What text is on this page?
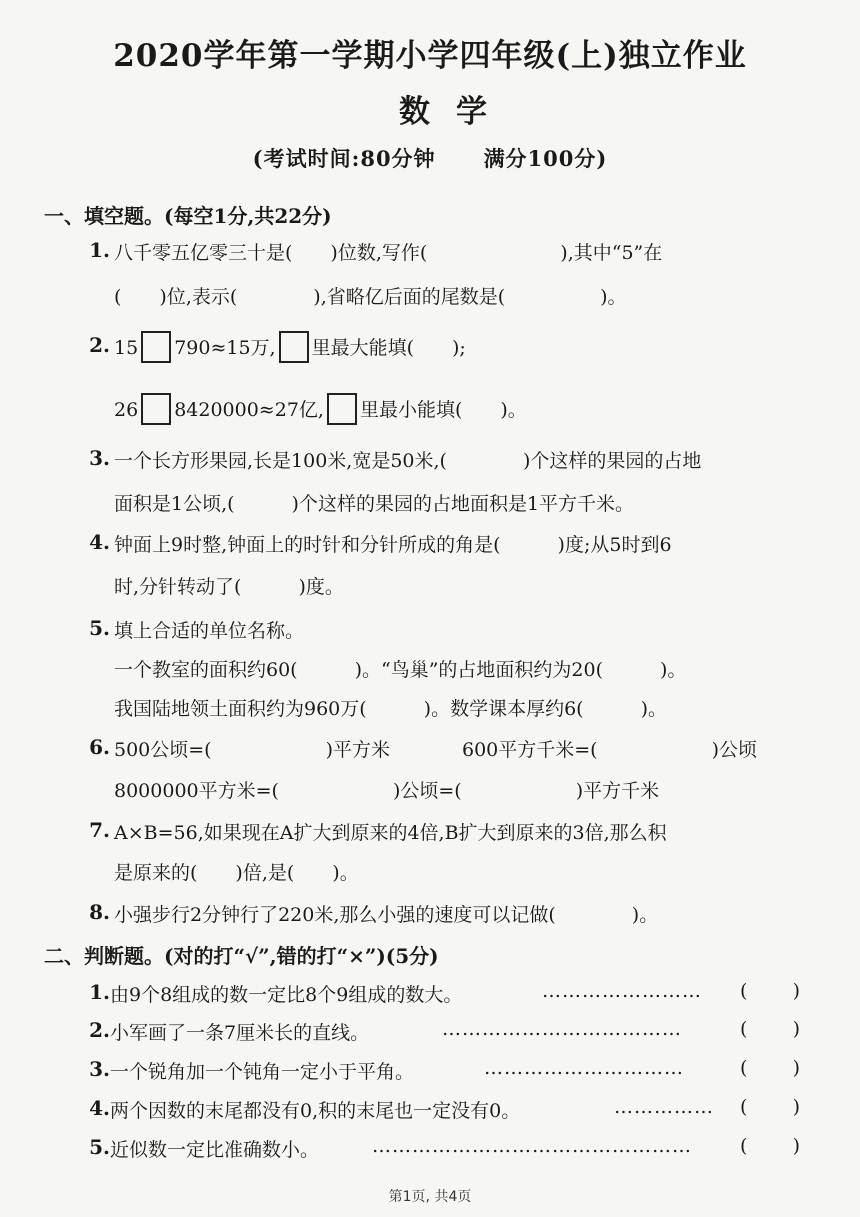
2020学年第一学期小学四年级(上)独立作业
数学
(考试时间:80分钟 满分100分)
一、填空题。(每空1分,共22分)
1. 八千零五亿零三十是(　　)位数,写作(　　　　　　　),其中“5”在
(　　)位,表示(　　　　),省略亿后面的尾数是(　　　　　)。
2. 15 790≈15万, 里最大能填(　　);
26 8420000≈27亿, 里最小能填(　　)。
3. 一个长方形果园,长是100米,宽是50米,(　　　　)个这样的果园的占地
面积是1公顷,(　　　)个这样的果园的占地面积是1平方千米。
4. 钟面上9时整,钟面上的时针和分针所成的角是(　　　)度;从5时到6
时,分针转动了(　　　)度。
5. 填上合适的单位名称。
一个教室的面积约60(　　　)。“鸟巢”的占地面积约为20(　　　)。
我国陆地领土面积约为960万(　　　)。数学课本厚约6(　　　)。
6. 500公顷=(　　　　　　)平方米	600平方千米=(　　　　　　)公顷
8000000平方米=(　　　　　　)公顷=(　　　　　　)平方千米
7. A×B=56,如果现在A扩大到原来的4倍,B扩大到原来的3倍,那么积
是原来的(　　)倍,是(　　)。
8. 小强步行2分钟行了220米,那么小强的速度可以记做(　　　　)。
二、判断题。(对的打“√”,错的打“×”)(5分)
1. 由9个8组成的数一定比8个9组成的数大。	…………………… ( )
2. 小军画了一条7厘米长的直线。	………………………………	( )
3. 一个锐角加一个钝角一定小于平角。	…………………………	( )
4. 两个因数的末尾都没有0,积的末尾也一定没有0。	…………… ( )
5. 近似数一定比准确数小。	…………………………………………	( )
第1页, 共4页
